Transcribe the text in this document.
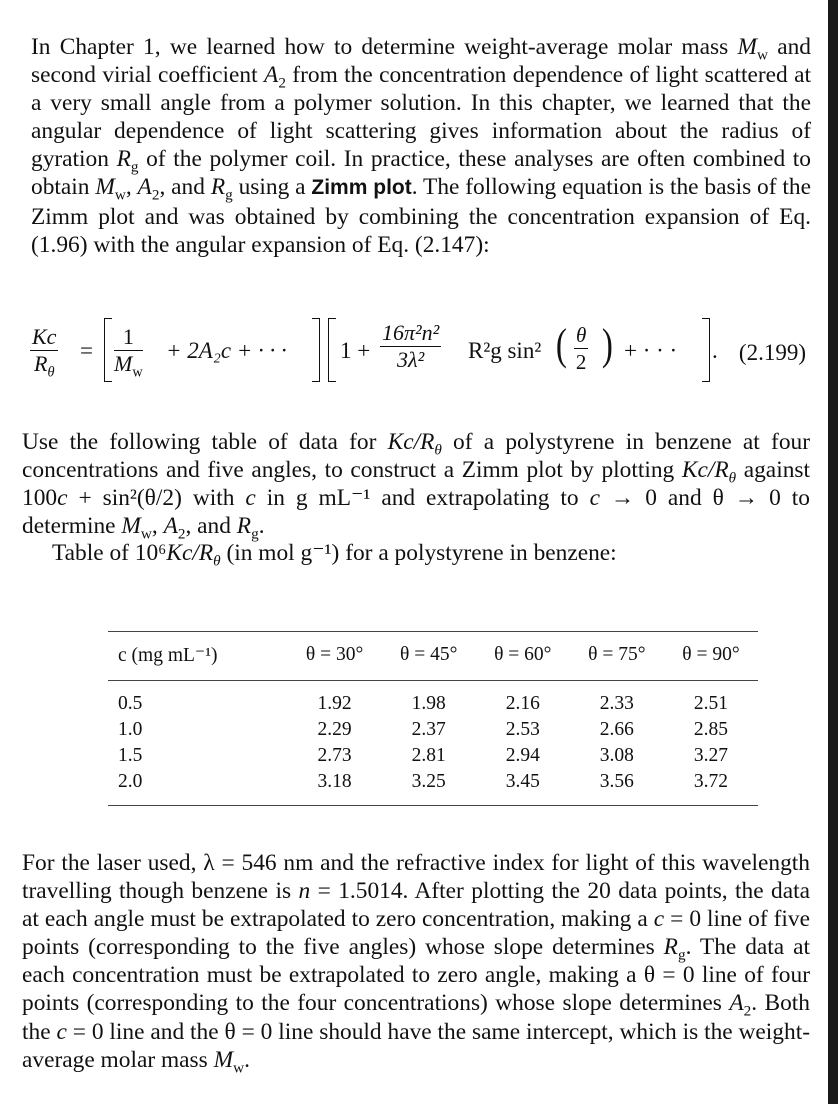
In Chapter 1, we learned how to determine weight-average molar mass $M_w$ and second virial coefficient $A_2$ from the concentration dependence of light scattered at a very small angle from a polymer solution. In this chapter, we learned that the angular dependence of light scattering gives information about the radius of gyration $R_g$ of the polymer coil. In practice, these analyses are often combined to obtain $M_w$, $A_2$, and $R_g$ using a Zimm plot. The following equation is the basis of the Zimm plot and was obtained by combining the concentration expansion of Eq. (1.96) with the angular expansion of Eq. (2.147):

$\frac{Kc}{R_\theta} = \frac{1}{M_w} + 2A_2c$ + · · · $1 + \frac{\text{16π²n²}}{\text{3λ²}} R^2g$ sin² ( $\frac{\theta}{2}$ ) + · · · . (2.199)

Use the following table of data for $Kc/R_\theta$ of a polystyrene in benzene at four concentrations and five angles, to construct a Zimm plot by plotting $Kc/R_\theta$ against 100c + sin²(θ/2) with c in g mL⁻¹ and extrapolating to c → 0 and θ → 0 to determine $M_w$, $A_2$, and $R_g$.

Table of $10^6Kc/R_\theta$ (in mol g⁻¹) for a polystyrene in benzene:

c (mg mL⁻¹)	θ = 30°	θ = 45°	θ = 60°	θ = 75°	θ = 90°
0.5	1.92	1.98	2.16	2.33	2.51
1.0	2.29	2.37	2.53	2.66	2.85
1.5	2.73	2.81	2.94	3.08	3.27
2.0	3.18	3.25	3.45	3.56	3.72

For the laser used, λ = 546 nm and the refractive index for light of this wavelength travelling though benzene is n = 1.5014. After plotting the 20 data points, the data at each angle must be extrapolated to zero concentration, making a c = 0 line of five points (corresponding to the five angles) whose slope determines $R_g$. The data at each concentration must be extrapolated to zero angle, making a θ = 0 line of four points (corresponding to the four concentrations) whose slope determines $A_2$. Both the c = 0 line and the θ = 0 line should have the same intercept, which is the weight-average molar mass $M_w$.
